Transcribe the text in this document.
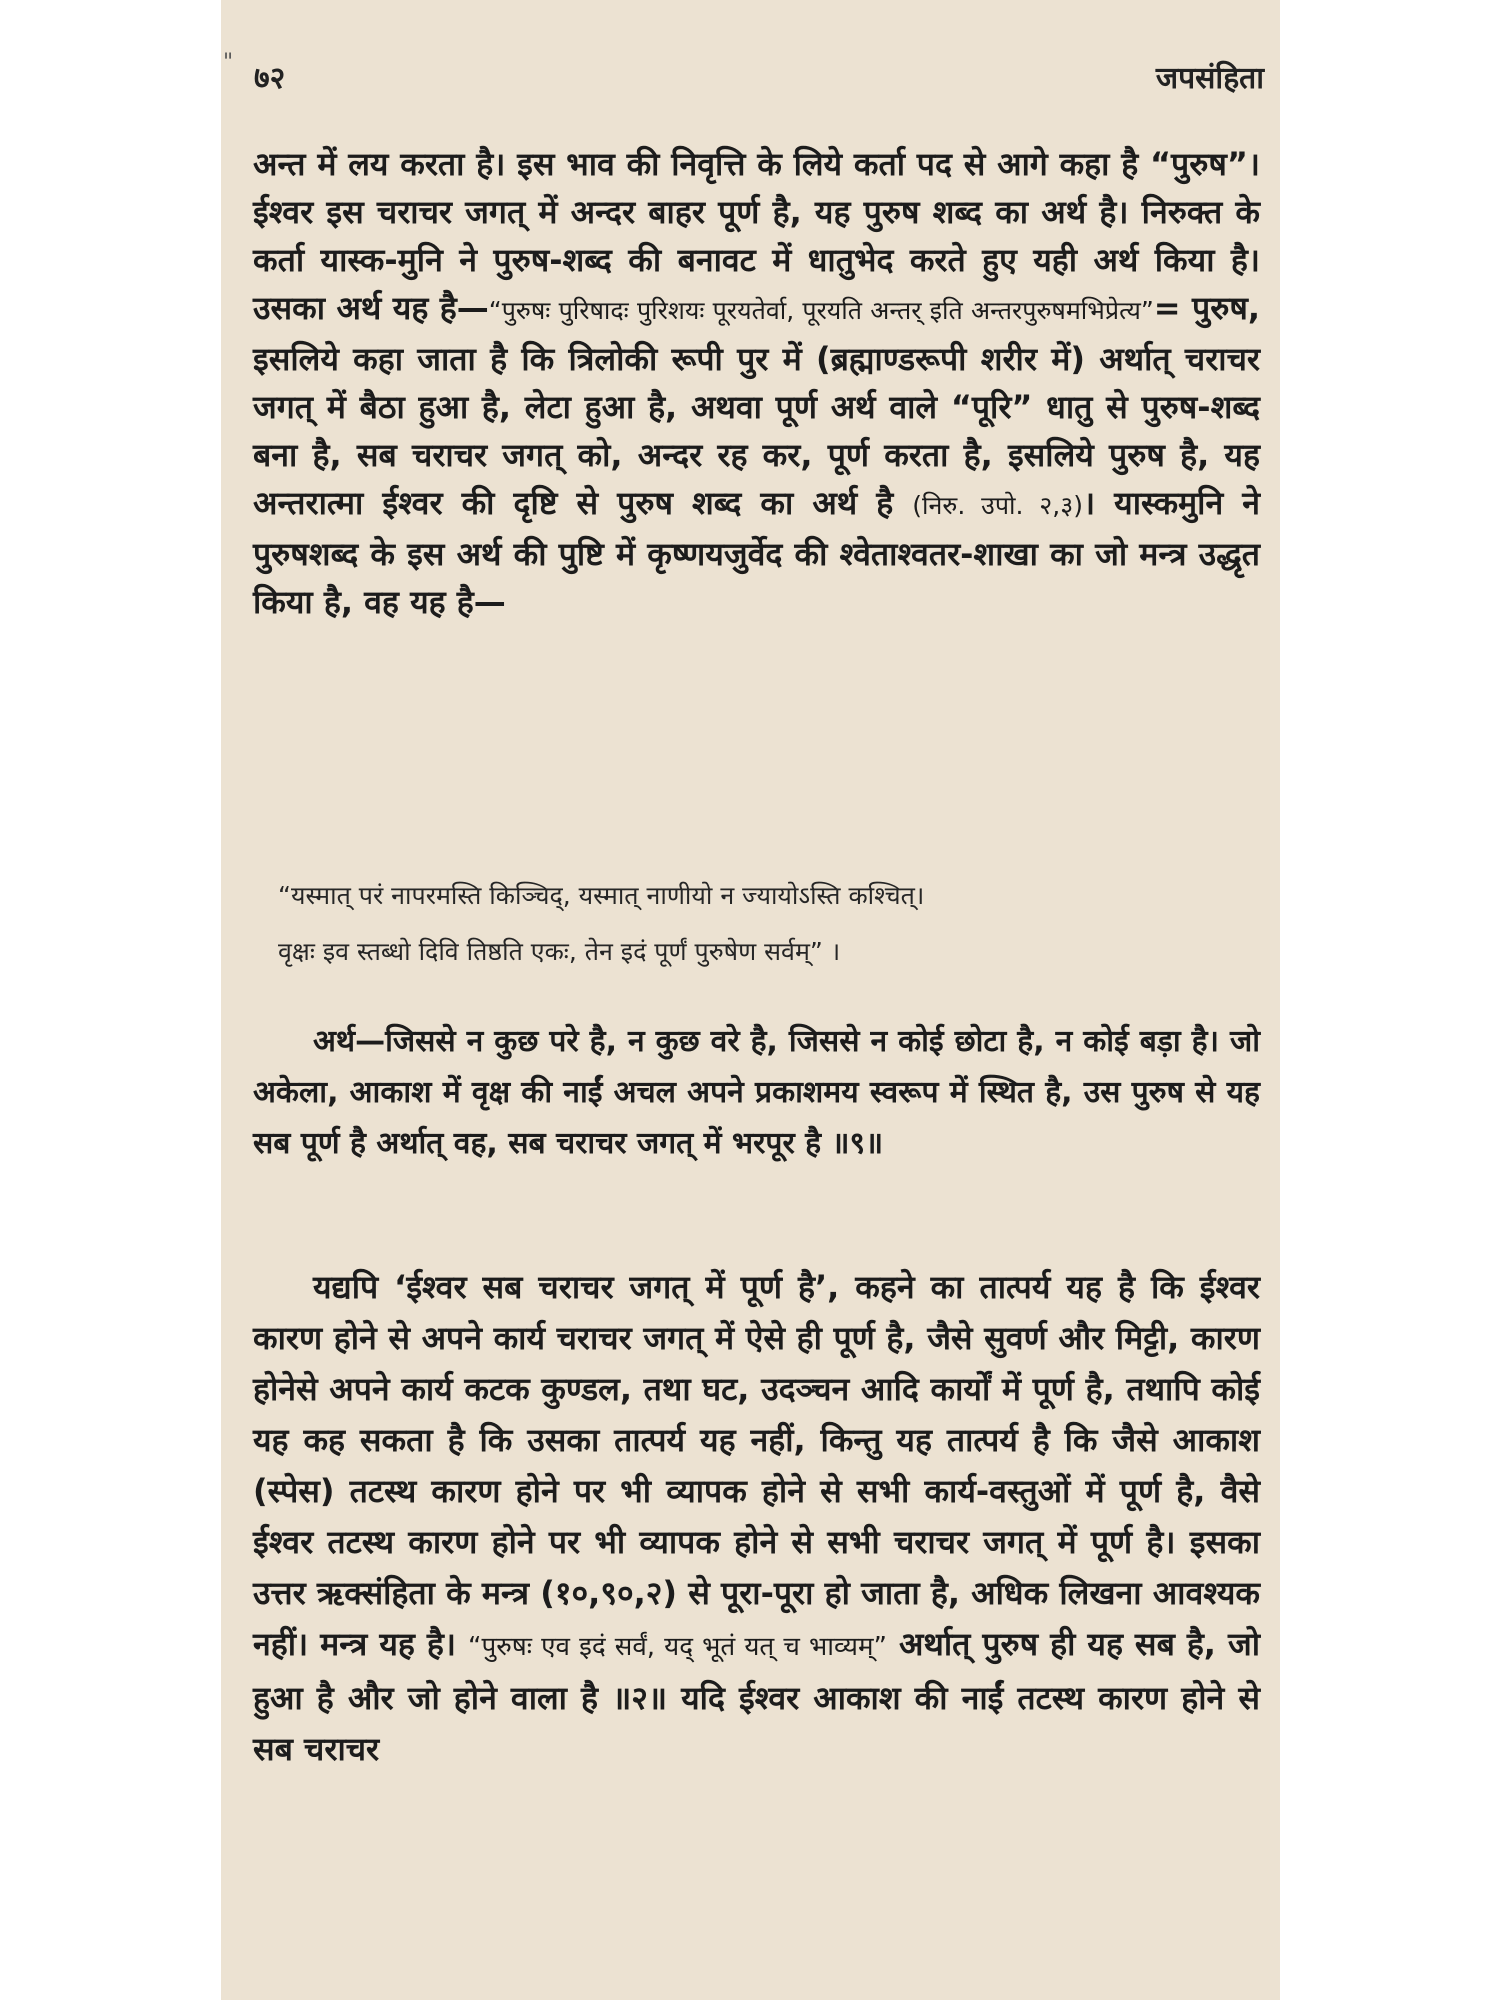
" ७२	जपसंहिता

अन्त में लय करता है। इस भाव की निवृत्ति के लिये कर्ता पद से आगे कहा है “पुरुष”। ईश्वर इस चराचर जगत् में अन्दर बाहर पूर्ण है, यह पुरुष शब्द का अर्थ है। निरुक्त के कर्ता यास्क-मुनि ने पुरुष-शब्द की बनावट में धातुभेद करते हुए यही अर्थ किया है। उसका अर्थ यह है—“पुरुषः पुरिषादः पुरिशयः पूरयतेर्वा, पूरयति अन्तर् इति अन्तरपुरुषमभिप्रेत्य”= पुरुष, इसलिये कहा जाता है कि त्रिलोकी रूपी पुर में (ब्रह्माण्डरूपी शरीर में) अर्थात् चराचर जगत् में बैठा हुआ है, लेटा हुआ है, अथवा पूर्ण अर्थ वाले “पूरि” धातु से पुरुष-शब्द बना है, सब चराचर जगत् को, अन्दर रह कर, पूर्ण करता है, इसलिये पुरुष है, यह अन्तरात्मा ईश्वर की दृष्टि से पुरुष शब्द का अर्थ है (निरु. उपो. २,३)। यास्कमुनि ने पुरुषशब्द के इस अर्थ की पुष्टि में कृष्णयजुर्वेद की श्वेताश्वतर-शाखा का जो मन्त्र उद्धृत किया है, वह यह है—

“यस्मात् परं नापरमस्ति किञ्चिद्, यस्मात् नाणीयो न ज्यायोऽस्ति कश्चित्।
वृक्षः इव स्तब्धो दिवि तिष्ठति एकः, तेन इदं पूर्णं पुरुषेण सर्वम्” ।

अर्थ—जिससे न कुछ परे है, न कुछ वरे है, जिससे न कोई छोटा है, न कोई बड़ा है। जो अकेला, आकाश में वृक्ष की नाईं अचल अपने प्रकाशमय स्वरूप में स्थित है, उस पुरुष से यह सब पूर्ण है अर्थात् वह, सब चराचर जगत् में भरपूर है ॥९॥

यद्यपि ‘ईश्वर सब चराचर जगत् में पूर्ण है’, कहने का तात्पर्य यह है कि ईश्वर कारण होने से अपने कार्य चराचर जगत् में ऐसे ही पूर्ण है, जैसे सुवर्ण और मिट्टी, कारण होनेसे अपने कार्य कटक कुण्डल, तथा घट, उदञ्चन आदि कार्यों में पूर्ण है, तथापि कोई यह कह सकता है कि उसका तात्पर्य यह नहीं, किन्तु यह तात्पर्य है कि जैसे आकाश (स्पेस) तटस्थ कारण होने पर भी व्यापक होने से सभी कार्य-वस्तुओं में पूर्ण है, वैसे ईश्वर तटस्थ कारण होने पर भी व्यापक होने से सभी चराचर जगत् में पूर्ण है। इसका उत्तर ऋक्संहिता के मन्त्र (१०,९०,२) से पूरा-पूरा हो जाता है, अधिक लिखना आवश्यक नहीं। मन्त्र यह है। “पुरुषः एव इदं सर्वं, यद् भूतं यत् च भाव्यम्” अर्थात् पुरुष ही यह सब है, जो हुआ है और जो होने वाला है ॥२॥ यदि ईश्वर आकाश की नाईं तटस्थ कारण होने से सब चराचर
